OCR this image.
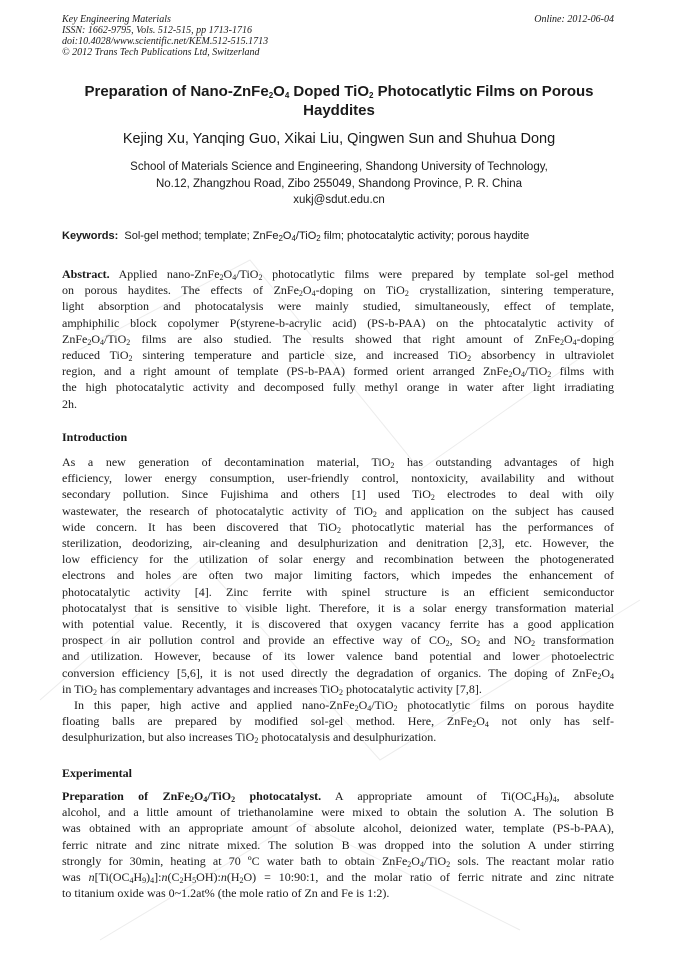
Key Engineering Materials
ISSN: 1662-9795, Vols. 512-515, pp 1713-1716
doi:10.4028/www.scientific.net/KEM.512-515.1713
© 2012 Trans Tech Publications Ltd, Switzerland
Online: 2012-06-04
Preparation of Nano-$ZnFe_2O_4$ Doped TiO$_2$ Photocatlytic Films on Porous
Hayddites
Kejing Xu, Yanqing Guo, Xikai Liu, Qingwen Sun and Shuhua Dong
School of Materials Science and Engineering, Shandong University of Technology,
No.12, Zhangzhou Road, Zibo 255049, Shandong Province, P. R. China
xukj@sdut.edu.cn
Keywords: Sol-gel method; template; $ZnFe_2O_4/TiO_2$ film; photocatalytic activity; porous haydite
Abstract. Applied nano-$ZnFe_2O_4/TiO_2$ photocatlytic films were prepared by template sol-gel method
on porous haydites. The effects of $ZnFe_2O_4$-doping on TiO$_2$ crystallization, sintering temperature,
light absorption and photocatalysis were mainly studied, simultaneously, effect of template,
amphiphilic block copolymer P(styrene-b-acrylic acid) (PS-b-PAA) on the phtocatalytic activity of
$ZnFe_2O_4/TiO_2$ films are also studied. The results showed that right amount of $ZnFe_2O_4$-doping
reduced TiO$_2$ sintering temperature and particle size, and increased TiO$_2$ absorbency in ultraviolet
region, and a right amount of template (PS-b-PAA) formed orient arranged $ZnFe_2O_4/TiO_2$ films with
the high photocatalytic activity and decomposed fully methyl orange in water after light irradiating
2h.
Introduction
As a new generation of decontamination material, TiO$_2$ has outstanding advantages of high
efficiency, lower energy consumption, user-friendly control, nontoxicity, availability and without
secondary pollution. Since Fujishima and others [1] used TiO$_2$ electrodes to deal with oily
wastewater, the research of photocatalytic activity of TiO$_2$ and application on the subject has caused
wide concern. It has been discovered that TiO$_2$ photocatlytic material has the performances of
sterilization, deodorizing, air-cleaning and desulphurization and denitration [2,3], etc. However, the
low efficiency for the utilization of solar energy and recombination between the photogenerated
electrons and holes are often two major limiting factors, which impedes the enhancement of
photocatalytic activity [4]. Zinc ferrite with spinel structure is an efficient semiconductor
photocatalyst that is sensitive to visible light. Therefore, it is a solar energy transformation material
with potential value. Recently, it is discovered that oxygen vacancy ferrite has a good application
prospect in air pollution control and provide an effective way of $CO_2$, $SO_2$ and $NO_2$ transformation
and utilization. However, because of its lower valence band potential and lower photoelectric
conversion efficiency [5,6], it is not used directly the degradation of organics. The doping of $ZnFe_2O_4$
in TiO$_2$ has complementary advantages and increases TiO$_2$ photocatalytic activity [7,8].
In this paper, high active and applied nano-$ZnFe_2O_4/TiO_2$ photocatlytic films on porous haydite
floating balls are prepared by modified sol-gel method. Here, $ZnFe_2O_4$ not only has self-
desulphurization, but also increases TiO$_2$ photocatalysis and desulphurization.
Experimental
Preparation of $ZnFe_2O_4/TiO_2$ photocatalyst. A appropriate amount of $Ti(OC_4H_9)_4$, absolute
alcohol, and a little amount of triethanolamine were mixed to obtain the solution A. The solution B
was obtained with an appropriate amount of absolute alcohol, deionized water, template (PS-b-PAA),
ferric nitrate and zinc nitrate mixed. The solution B was dropped into the solution A under stirring
strongly for 30min, heating at 70 ºC water bath to obtain $ZnFe_2O_4/TiO_2$ sols. The reactant molar ratio
was $n[Ti(OC_4H_9)_4]:n(C_2H_5OH):n(H_2O)$ = 10:90:1, and the molar ratio of ferric nitrate and zinc nitrate
to titanium oxide was 0~1.2at% (the mole ratio of Zn and Fe is 1:2).
